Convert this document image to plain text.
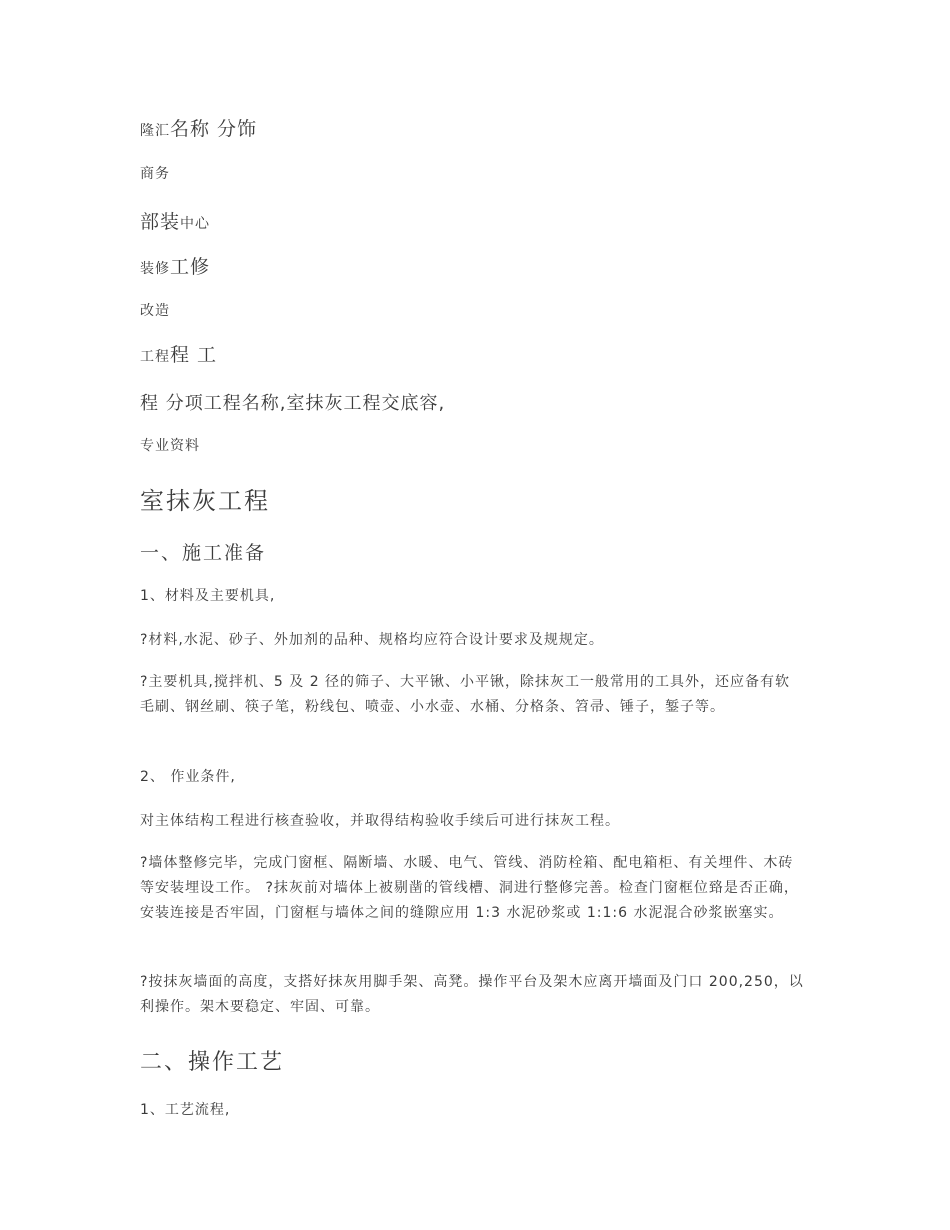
隆汇名称 分饰
商务
部装中心
装修工修
改造
工程程 工
程 分项工程名称,室抹灰工程交底容,
专业资料
室抹灰工程
一、施工准备
1、材料及主要机具,
?材料,水泥、砂子、外加剂的品种、规格均应符合设计要求及规规定。
?主要机具,搅拌机、5 及 2 径的筛子、大平锹、小平锹，除抹灰工一般常用的工具外，还应备有软毛刷、钢丝刷、筷子笔，粉线包、喷壶、小水壶、水桶、分格条、笤帚、锤子，錾子等。
2、 作业条件,
对主体结构工程进行核查验收，并取得结构验收手续后可进行抹灰工程。
?墙体整修完毕，完成门窗框、隔断墙、水暖、电气、管线、消防栓箱、配电箱柜、有关埋件、木砖等安装埋设工作。 ?抹灰前对墙体上被剔凿的管线槽、洞进行整修完善。检查门窗框位臵是否正确，安装连接是否牢固，门窗框与墙体之间的缝隙应用 1:3 水泥砂浆或 1:1:6 水泥混合砂浆嵌塞实。
?按抹灰墙面的高度，支搭好抹灰用脚手架、高凳。操作平台及架木应离开墙面及门口 200,250，以利操作。架木要稳定、牢固、可靠。
二、操作工艺
1、工艺流程,
